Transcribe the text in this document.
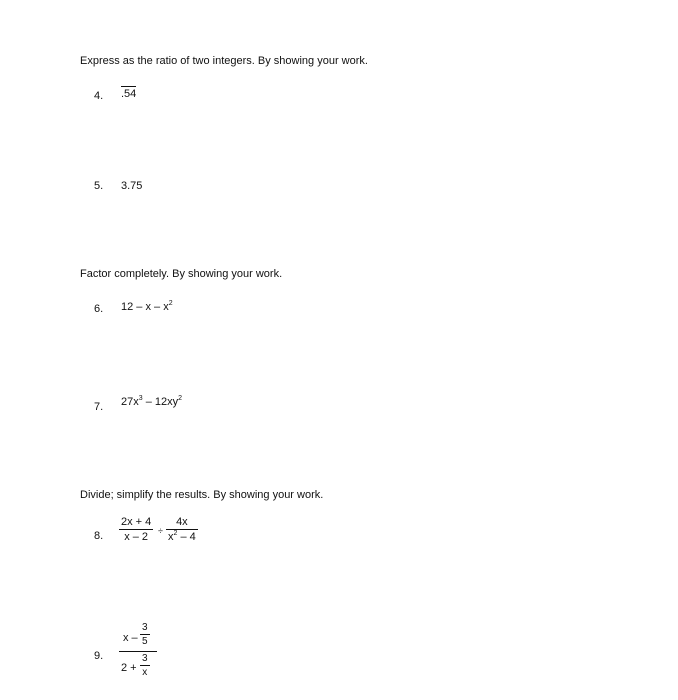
Express as the ratio of two integers. By showing your work.
4. .54
5. 3.75
Factor completely. By showing your work.
6. 12 – x – $x^2$
7. $27x^3 - 12xy^2$
Divide; simplify the results. By showing your work.
8.
2x + 4
x – 2	÷
4x
$x^2 - 4$
9.
x –
3
5
2 +
3
x
